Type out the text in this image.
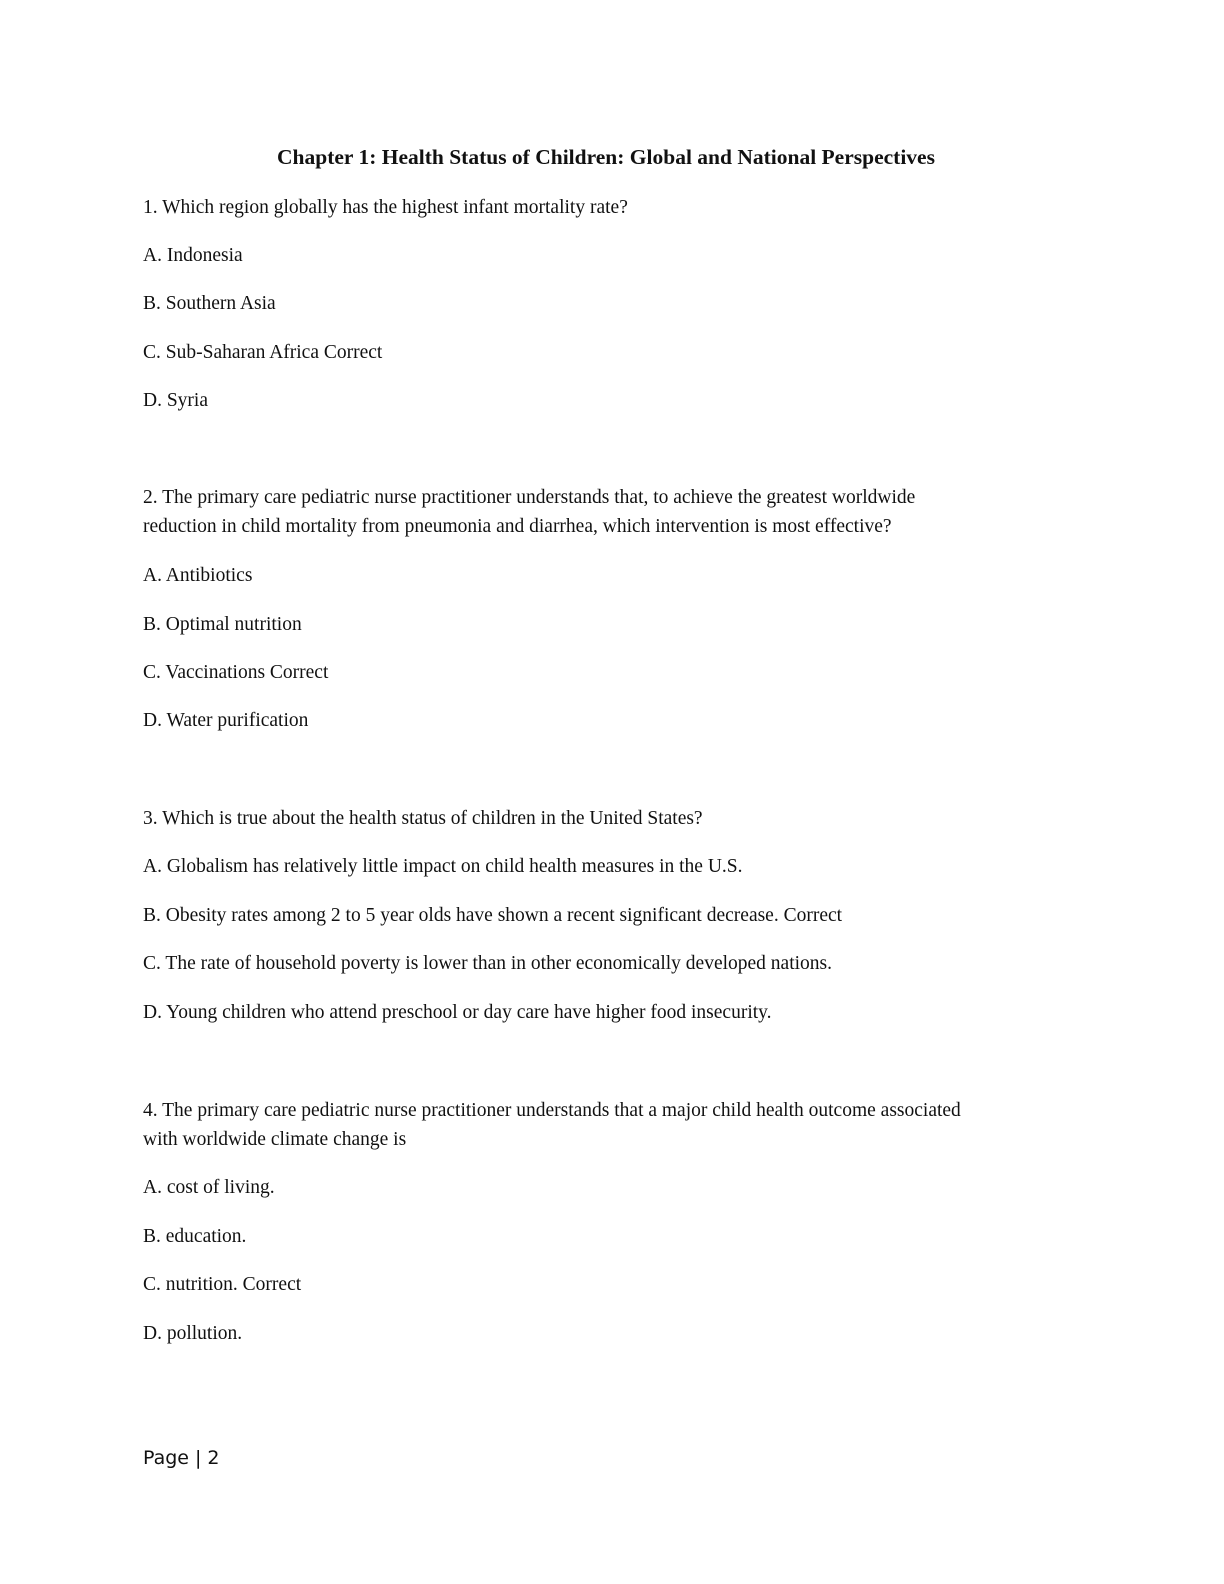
Chapter 1: Health Status of Children: Global and National Perspectives
1. Which region globally has the highest infant mortality rate?
A. Indonesia
B. Southern Asia
C. Sub-Saharan Africa Correct
D. Syria
2. The primary care pediatric nurse practitioner understands that, to achieve the greatest worldwide
reduction in child mortality from pneumonia and diarrhea, which intervention is most effective?
A. Antibiotics
B. Optimal nutrition
C. Vaccinations Correct
D. Water purification
3. Which is true about the health status of children in the United States?
A. Globalism has relatively little impact on child health measures in the U.S.
B. Obesity rates among 2 to 5 year olds have shown a recent significant decrease. Correct
C. The rate of household poverty is lower than in other economically developed nations.
D. Young children who attend preschool or day care have higher food insecurity.
4. The primary care pediatric nurse practitioner understands that a major child health outcome associated
with worldwide climate change is
A. cost of living.
B. education.
C. nutrition. Correct
D. pollution.
Page | 2
